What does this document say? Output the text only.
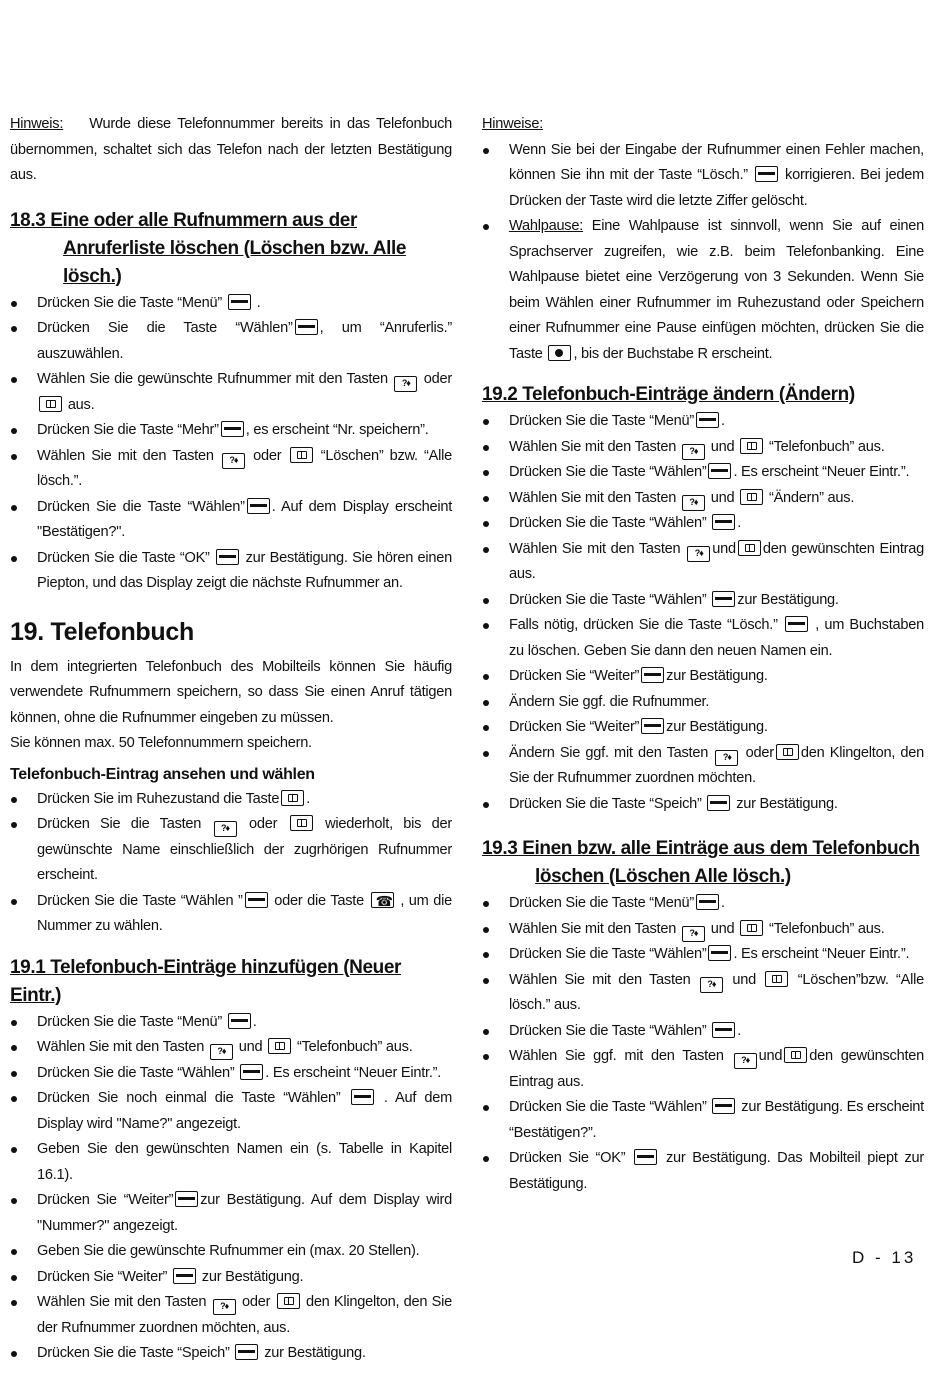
Hinweis: Wurde diese Telefonnummer bereits in das Telefonbuch übernommen, schaltet sich das Telefon nach der letzten Bestätigung aus.
18.3 Eine oder alle Rufnummern aus der
Anruferliste löschen (Löschen bzw. Alle lösch.)
Drücken Sie die Taste “Menü” .
Drücken Sie die Taste “Wählen” , um “Anruferlis.” auszuwählen.
Wählen Sie die gewünschte Rufnummer mit den Tasten ?♦ oder  aus.
Drücken Sie die Taste “Mehr” , es erscheint “Nr. speichern”.
Wählen Sie mit den Tasten ?♦	oder	“Löschen” bzw. “Alle lösch.”.
Drücken Sie die Taste “Wählen” . Auf dem Display erscheint "Bestätigen?".
Drücken Sie die Taste “OK” zur Bestätigung. Sie hören einen Piepton, und das Display zeigt die nächste Rufnummer an.
19. Telefonbuch
In dem integrierten Telefonbuch des Mobilteils können Sie häufig verwendete Rufnummern speichern, so dass Sie einen Anruf tätigen können, ohne die Rufnummer eingeben zu müssen.
Sie können max. 50 Telefonnummern speichern.
Telefonbuch-Eintrag ansehen und wählen
Drücken Sie im Ruhezustand die Taste .
Drücken Sie die Tasten ?♦	oder	wiederholt, bis der gewünschte Name einschließlich der zugrhörigen Rufnummer erscheint.
Drücken Sie die Taste “Wählen ” oder die Taste ☎ , um die Nummer zu wählen.
19.1 Telefonbuch-Einträge hinzufügen (Neuer Eintr.)
Drücken Sie die Taste “Menü” .
Wählen Sie mit den Tasten ?♦ und “Telefonbuch” aus.
Drücken Sie die Taste “Wählen” . Es erscheint “Neuer Eintr.”.
Drücken Sie noch einmal die Taste “Wählen”	. Auf dem Display wird "Name?" angezeigt.
Geben Sie den gewünschten Namen ein (s. Tabelle in Kapitel 16.1).
Drücken Sie “Weiter” zur Bestätigung. Auf dem Display wird "Nummer?" angezeigt.
Geben Sie die gewünschte Rufnummer ein (max. 20 Stellen).
Drücken Sie “Weiter” zur Bestätigung.
Wählen Sie mit den Tasten ?♦ oder den Klingelton, den Sie der Rufnummer zuordnen möchten, aus.
Drücken Sie die Taste “Speich” zur Bestätigung.
Hinweise:
Wenn Sie bei der Eingabe der Rufnummer einen Fehler machen, können Sie ihn mit der Taste “Lösch.”	korrigieren. Bei jedem Drücken der Taste wird die letzte Ziffer gelöscht.
Wahlpause: Eine Wahlpause ist sinnvoll, wenn Sie auf einen Sprachserver zugreifen, wie z.B. beim Telefonbanking. Eine Wahlpause bietet eine Verzögerung von 3 Sekunden. Wenn Sie beim Wählen einer Rufnummer im Ruhezustand oder Speichern einer Rufnummer eine Pause einfügen möchten, drücken Sie die Taste , bis der Buchstabe R erscheint.
19.2 Telefonbuch-Einträge ändern (Ändern)
Drücken Sie die Taste “Menü” .
Wählen Sie mit den Tasten ?♦ und “Telefonbuch” aus.
Drücken Sie die Taste “Wählen” . Es erscheint “Neuer Eintr.”.
Wählen Sie mit den Tasten ?♦ und “Ändern” aus.
Drücken Sie die Taste “Wählen” .
Wählen Sie mit den Tasten ?♦ und den gewünschten Eintrag aus.
Drücken Sie die Taste “Wählen” zur Bestätigung.
Falls nötig, drücken Sie die Taste “Lösch.”	, um Buchstaben zu löschen. Geben Sie dann den neuen Namen ein.
Drücken Sie “Weiter” zur Bestätigung.
Ändern Sie ggf. die Rufnummer.
Drücken Sie “Weiter” zur Bestätigung.
Ändern Sie ggf. mit den Tasten ?♦	oder den Klingelton, den Sie der Rufnummer zuordnen möchten.
Drücken Sie die Taste “Speich” zur Bestätigung.
19.3 Einen bzw. alle Einträge aus dem Telefonbuch
löschen (Löschen Alle lösch.)
Drücken Sie die Taste “Menü” .
Wählen Sie mit den Tasten ?♦ und “Telefonbuch” aus.
Drücken Sie die Taste “Wählen” . Es erscheint “Neuer Eintr.”.
Wählen Sie mit den Tasten ?♦	und	“Löschen”bzw. “Alle lösch.” aus.
Drücken Sie die Taste “Wählen” .
Wählen Sie ggf. mit den Tasten ?♦ und den gewünschten Eintrag aus.
Drücken Sie die Taste “Wählen” zur Bestätigung. Es erscheint “Bestätigen?”.
Drücken Sie “OK”	zur Bestätigung. Das Mobilteil piept zur Bestätigung.
D - 13
